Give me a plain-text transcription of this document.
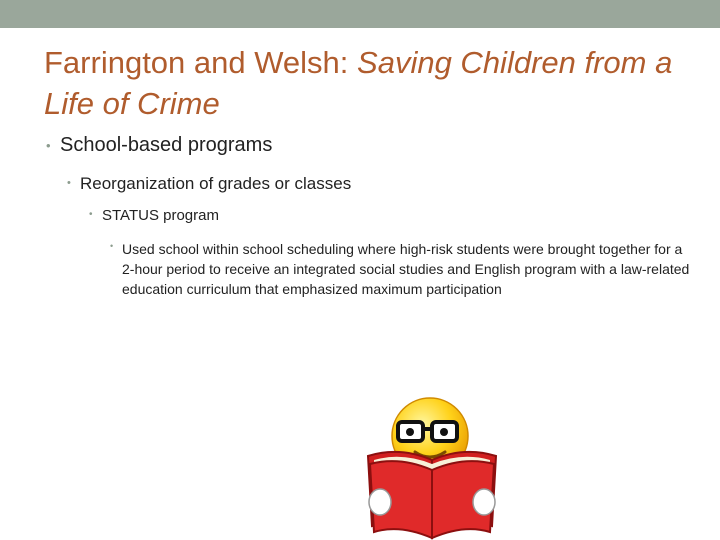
Farrington and Welsh: Saving Children from a Life of Crime
• School-based programs
• Reorganization of grades or classes
• STATUS program
• Used school within school scheduling where high-risk students were brought together for a 2-hour period to receive an integrated social studies and English program with a law-related education curriculum that emphasized maximum participation
